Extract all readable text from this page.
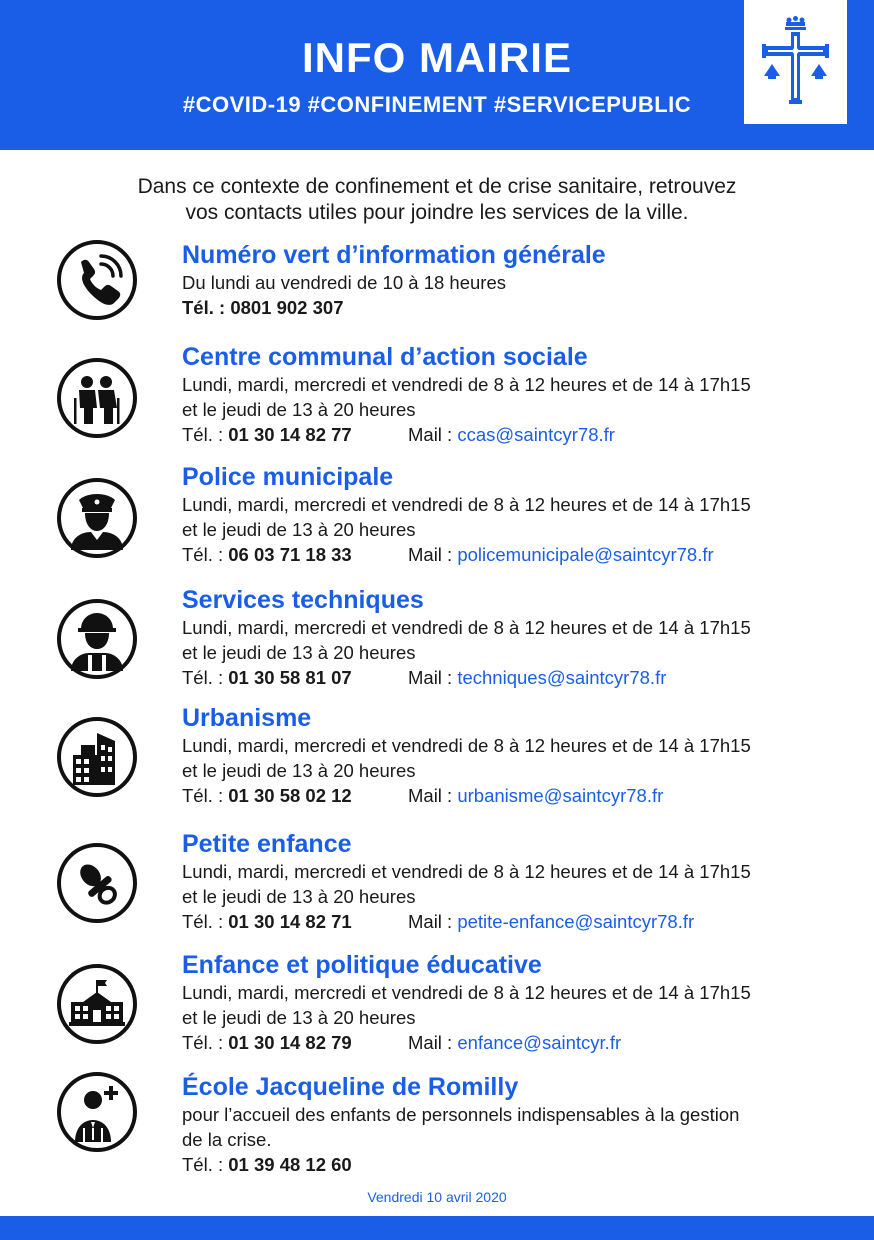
INFO MAIRIE
#COVID-19 #CONFINEMENT #SERVICEPUBLIC
Dans ce contexte de confinement et de crise sanitaire, retrouvez
vos contacts utiles pour joindre les services de la ville.
Numéro vert d’information générale
Du lundi au vendredi de 10 à 18 heures
Tél. : 0801 902 307
Centre communal d’action sociale
Lundi, mardi, mercredi et vendredi de 8 à 12 heures et de 14 à 17h15
et le jeudi de 13 à 20 heures
Tél. : 01 30 14 82 77	Mail : ccas@saintcyr78.fr
Police municipale
Lundi, mardi, mercredi et vendredi de 8 à 12 heures et de 14 à 17h15
et le jeudi de 13 à 20 heures
Tél. : 06 03 71 18 33	Mail : policemunicipale@saintcyr78.fr
Services techniques
Lundi, mardi, mercredi et vendredi de 8 à 12 heures et de 14 à 17h15
et le jeudi de 13 à 20 heures
Tél. : 01 30 58 81 07	Mail : techniques@saintcyr78.fr
Urbanisme
Lundi, mardi, mercredi et vendredi de 8 à 12 heures et de 14 à 17h15
et le jeudi de 13 à 20 heures
Tél. : 01 30 58 02 12	Mail : urbanisme@saintcyr78.fr
Petite enfance
Lundi, mardi, mercredi et vendredi de 8 à 12 heures et de 14 à 17h15
et le jeudi de 13 à 20 heures
Tél. : 01 30 14 82 71	Mail : petite-enfance@saintcyr78.fr
Enfance et politique éducative
Lundi, mardi, mercredi et vendredi de 8 à 12 heures et de 14 à 17h15
et le jeudi de 13 à 20 heures
Tél. : 01 30 14 82 79	Mail : enfance@saintcyr.fr
École Jacqueline de Romilly
pour l’accueil des enfants de personnels indispensables à la gestion
de la crise.
Tél. : 01 39 48 12 60
Vendredi 10 avril 2020
